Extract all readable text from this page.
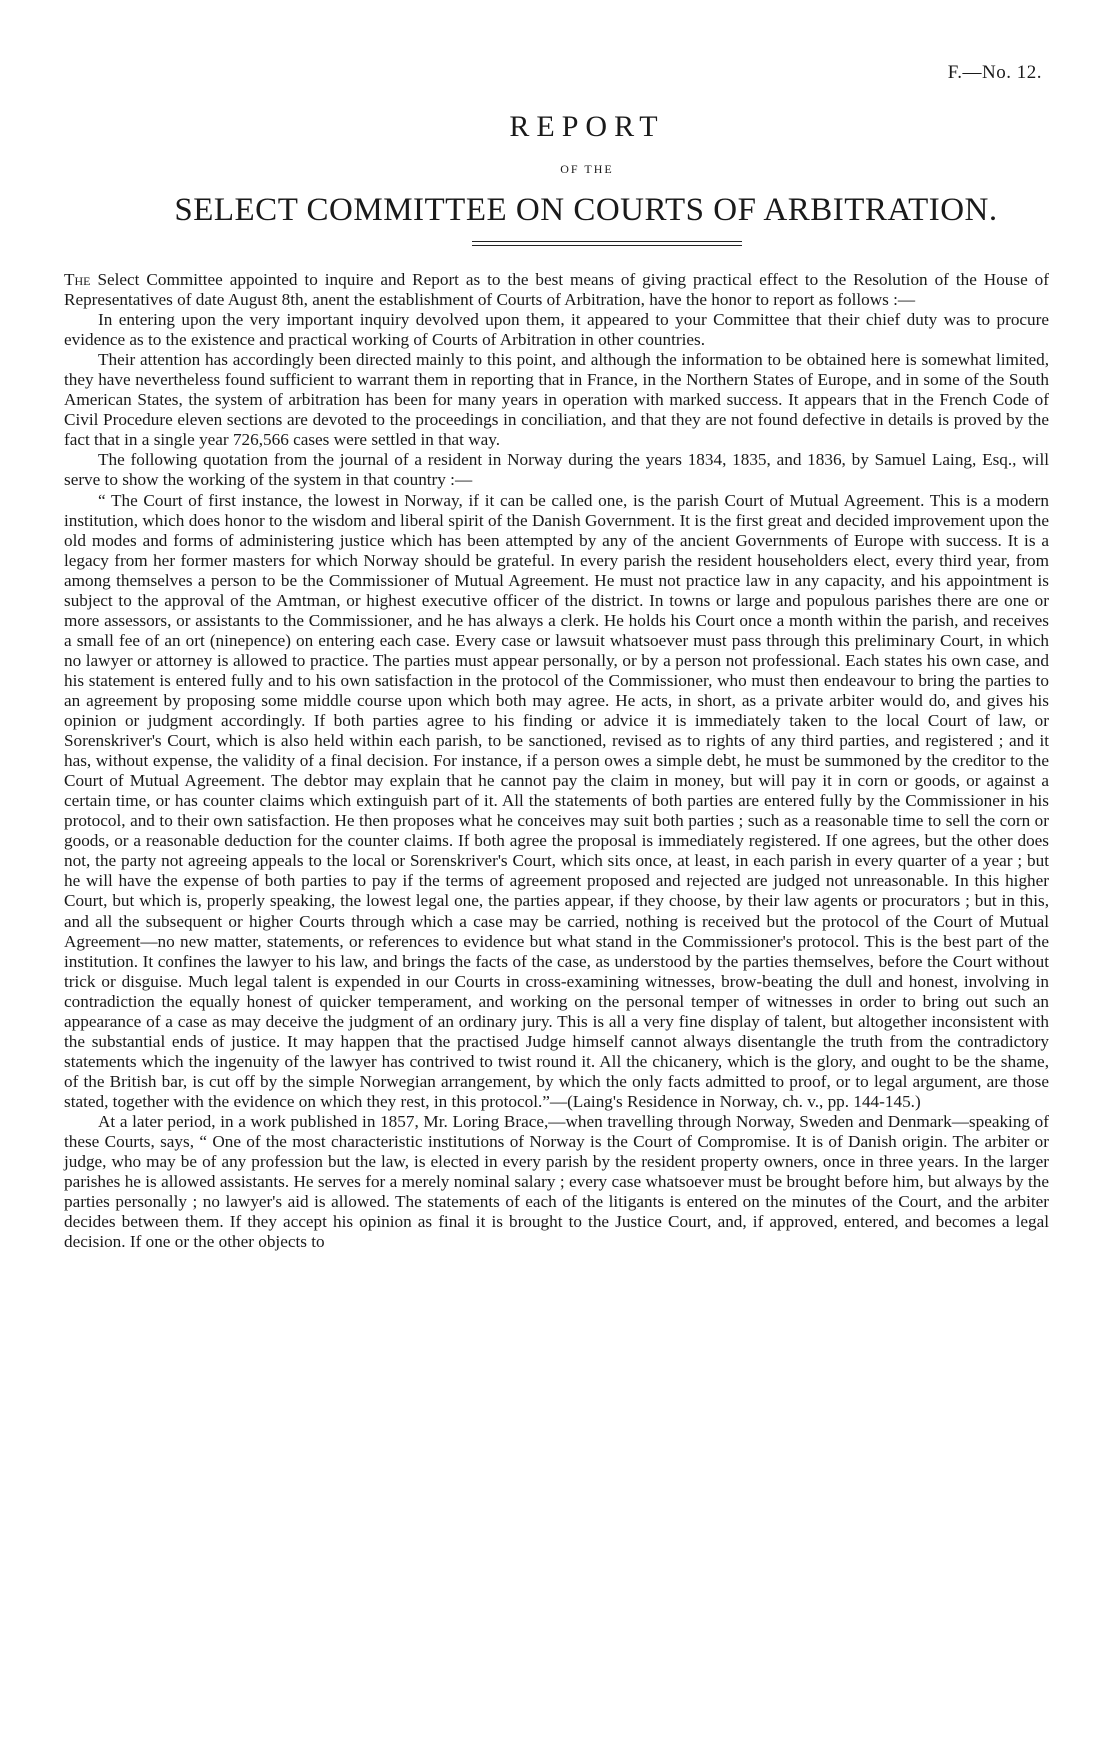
F.—No. 12.
REPORT
OF THE
SELECT COMMITTEE ON COURTS OF ARBITRATION.

The Select Committee appointed to inquire and Report as to the best means of giving practical effect to the Resolution of the House of Representatives of date August 8th, anent the establishment of Courts of Arbitration, have the honor to report as follows :—

In entering upon the very important inquiry devolved upon them, it appeared to your Committee that their chief duty was to procure evidence as to the existence and practical working of Courts of Arbitration in other countries.

Their attention has accordingly been directed mainly to this point, and although the information to be obtained here is somewhat limited, they have nevertheless found sufficient to warrant them in reporting that in France, in the Northern States of Europe, and in some of the South American States, the system of arbitration has been for many years in operation with marked success. It appears that in the French Code of Civil Procedure eleven sections are devoted to the proceedings in conciliation, and that they are not found defective in details is proved by the fact that in a single year 726,566 cases were settled in that way.

The following quotation from the journal of a resident in Norway during the years 1834, 1835, and 1836, by Samuel Laing, Esq., will serve to show the working of the system in that country :—

“ The Court of first instance, the lowest in Norway, if it can be called one, is the parish Court of Mutual Agreement. This is a modern institution, which does honor to the wisdom and liberal spirit of the Danish Government. It is the first great and decided improvement upon the old modes and forms of administering justice which has been attempted by any of the ancient Governments of Europe with success. It is a legacy from her former masters for which Norway should be grateful. In every parish the resident householders elect, every third year, from among themselves a person to be the Commissioner of Mutual Agreement. He must not practice law in any capacity, and his appointment is subject to the approval of the Amtman, or highest executive officer of the district. In towns or large and populous parishes there are one or more assessors, or assistants to the Commissioner, and he has always a clerk. He holds his Court once a month within the parish, and receives a small fee of an ort (ninepence) on entering each case. Every case or lawsuit whatsoever must pass through this preliminary Court, in which no lawyer or attorney is allowed to practice. The parties must appear personally, or by a person not professional. Each states his own case, and his statement is entered fully and to his own satisfaction in the protocol of the Commissioner, who must then endeavour to bring the parties to an agreement by proposing some middle course upon which both may agree. He acts, in short, as a private arbiter would do, and gives his opinion or judgment accordingly. If both parties agree to his finding or advice it is immediately taken to the local Court of law, or Sorenskriver's Court, which is also held within each parish, to be sanctioned, revised as to rights of any third parties, and registered ; and it has, without expense, the validity of a final decision. For instance, if a person owes a simple debt, he must be summoned by the creditor to the Court of Mutual Agreement. The debtor may explain that he cannot pay the claim in money, but will pay it in corn or goods, or against a certain time, or has counter claims which extinguish part of it. All the statements of both parties are entered fully by the Commissioner in his protocol, and to their own satisfaction. He then proposes what he conceives may suit both parties ; such as a reasonable time to sell the corn or goods, or a reasonable deduction for the counter claims. If both agree the proposal is immediately registered. If one agrees, but the other does not, the party not agreeing appeals to the local or Sorenskriver's Court, which sits once, at least, in each parish in every quarter of a year ; but he will have the expense of both parties to pay if the terms of agreement proposed and rejected are judged not unreasonable. In this higher Court, but which is, properly speaking, the lowest legal one, the parties appear, if they choose, by their law agents or procurators ; but in this, and all the subsequent or higher Courts through which a case may be carried, nothing is received but the protocol of the Court of Mutual Agreement—no new matter, statements, or references to evidence but what stand in the Commissioner's protocol. This is the best part of the institution. It confines the lawyer to his law, and brings the facts of the case, as understood by the parties themselves, before the Court without trick or disguise. Much legal talent is expended in our Courts in cross-examining witnesses, brow-beating the dull and honest, involving in contradiction the equally honest of quicker temperament, and working on the personal temper of witnesses in order to bring out such an appearance of a case as may deceive the judgment of an ordinary jury. This is all a very fine display of talent, but altogether inconsistent with the substantial ends of justice. It may happen that the practised Judge himself cannot always disentangle the truth from the contradictory statements which the ingenuity of the lawyer has contrived to twist round it. All the chicanery, which is the glory, and ought to be the shame, of the British bar, is cut off by the simple Norwegian arrangement, by which the only facts admitted to proof, or to legal argument, are those stated, together with the evidence on which they rest, in this protocol.”—(Laing's Residence in Norway, ch. v., pp. 144-145.)

At a later period, in a work published in 1857, Mr. Loring Brace,—when travelling through Norway, Sweden and Denmark—speaking of these Courts, says, “ One of the most characteristic institutions of Norway is the Court of Compromise. It is of Danish origin. The arbiter or judge, who may be of any profession but the law, is elected in every parish by the resident property owners, once in three years. In the larger parishes he is allowed assistants. He serves for a merely nominal salary ; every case whatsoever must be brought before him, but always by the parties personally ; no lawyer's aid is allowed. The statements of each of the litigants is entered on the minutes of the Court, and the arbiter decides between them. If they accept his opinion as final it is brought to the Justice Court, and, if approved, entered, and becomes a legal decision. If one or the other objects to
